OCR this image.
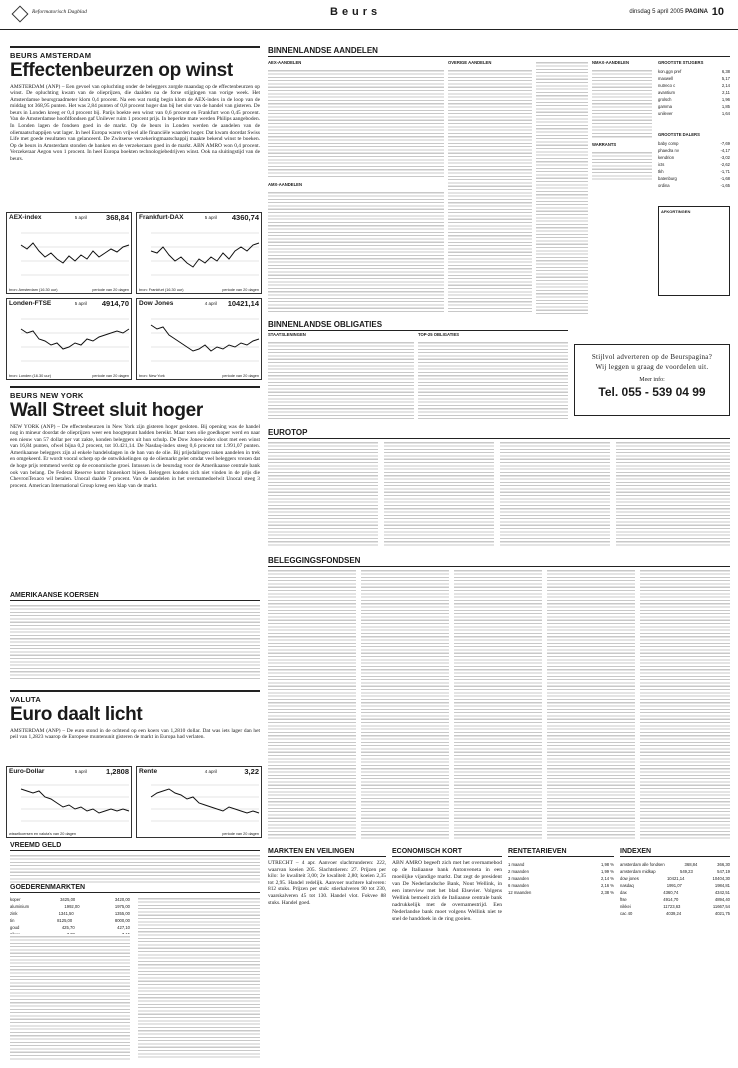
Reformatorisch Dagblad	Beurs	dinsdag 5 april 2005 PAGINA 10
BEURS AMSTERDAM
Effectenbeurzen op winst
AMSTERDAM (ANP) – Een gevoel van opluchting onder de beleggers zorgde maandag op de effectenbeurzen op winst. De opluchting kwam van de olieprijzen, die daalden na de forse stijgingen van vorige week. Het Amsterdamse beursgraadmeter klom 0,4 procent. Na een wat rustig begin klom de AEX-index in de loop van de middag tot 368,95 punten. Het was 2,84 punten of 0,8 procent hoger dan bij het slot van de handel van gisteren. De beurs in Londen kreeg er 0,4 procent bij. Parijs boekte een winst van 0,6 procent en Frankfurt won 0,45 procent. Van de Amsterdamse hoofdfondsen gaf Unilever ruim 1 procent prijs. In beperkte mate werden Philips aangeboden. In Londen lagen de fondsen goed in de markt. Op de beurs in Londen werden de aandelen van de oliemaatschappijen wat lager. In heel Europa waren vrijwel alle financiële waarden hoger. Dat kwam doordat Swiss Life met goede resultaten van gelanceerd. De Zwitserse verzekeringmaatschappij maakte bekend winst te boeken. Op de beurs in Amsterdam stonden de banken en de verzekeraars goed in de markt. ABN AMRO won 0,4 procent. Verzekeraar Aegon won 1 procent. In heel Europa boekten technologiebedrijven winst. Ook na sluitingstijd van de beurs.
AEX-index	5 april	368,84
bron: Amsterdam (16.30 uur)	periode van 20 dagen
Frankfurt-DAX	5 april 4360,74
bron: Frankfurt (16.30 uur)	periode van 20 dagen
Londen-FTSE	5 april 4914,70
bron: Londen (16.30 uur)	periode van 20 dagen
Dow Jones	4 april 10421,14
bron: New York	periode van 20 dagen
BEURS NEW YORK
Wall Street sluit hoger
NEW YORK (ANP) – De effectenbeurzen in New York zijn gisteren hoger gesloten. Bij opening was de handel nog in mineur doordat de olieprijzen weer een hoogtepunt hadden bereikt. Maar toen olie goedkoper werd en naar een nieuw van 57 dollar per vat zakte, konden beleggers uit hun schulp. De Dow Jones-index sloot met een winst van 16,84 punten, ofwel bijna 0,2 procent, tot 10.421,14. De Nasdaq-index steeg 0,6 procent tot 1.991,07 punten. Amerikaanse beleggers zijn al enkele handelsdagen in de ban van de olie. Bij prijsdalingen raken aandelen in trek en omgekeerd. Er wordt vooral scherp op de ontwikkelingen op de oliemarkt gelet omdat veel beleggers vrezen dat de hoge prijs remmend werkt op de economische groei. Intussen is de beursdag voor de Amerikaanse centrale bank ook van belang. De Federal Reserve komt binnenkort bijeen. Beleggers konden zich niet vinden in de prijs die ChevronTexaco wil betalen. Unocal daalde 7 procent. Van de aandelen in het overnamedoelwit Unocal steeg 3 procent. American International Group kreeg een klap van de markt.
AMERIKAANSE KOERSEN
VALUTA
Euro daalt licht
AMSTERDAM (ANP) – De euro stond in de ochtend op een koers van 1,2810 dollar. Dat was iets lager dan het peil van 1,2823 waarop de Europese muntenunit gisteren de markt in Europa had verlaten.
Euro-Dollar	5 april	1,2808
wisselkoersen en valuta's van 20 dagen
Rente	4 april	3,22
periode van 20 dagen
VREEMD GELD
GOEDERENMARKTEN
koper	3425,00	3420,00
aluminium	1992,00	1975,00
zink	1341,50	1355,00
tin	8125,00	8000,00
goud	425,70	427,10
BINNENLANDSE AANDELEN
AEX-AANDELEN
AMX-AANDELEN
OVERIGE AANDELEN	NMAX-AANDELEN
WARRANTS
GROOTSTE STIJGERS
kon.ggn pref	6,38
maxwell	5,17
nutreco c	2,14
avantium	2,11
grolsch	1,96
gamma	1,85
unilever	1,64
GROOTSTE DALERS
baby comp	-7,69
phaedra nv	-4,17
kendrion	-3,02
icts	-2,62
tkh	-1,71
batenburg	-1,68
ordina	-1,65
AFKORTINGEN
BINNENLANDSE OBLIGATIES
STAATSLENINGEN	TOP-25 OBLIGATIES
Stijlvol adverteren op de Beurspagina?
Wij leggen u graag de voordelen uit.
Meer info:
Tel. 055 - 539 04 99
EUROTOP
BELEGGINGSFONDSEN
MARKTEN EN VEILINGEN
UTRECHT – 4 apr. Aanvoer slachtrunderen: 222, waarvan koeien 205. Slachtstieren: 27. Prijzen per kilo: 1e kwaliteit 3,00; 2e kwaliteit 2,80; koeien 2,35 tot 2,95. Handel redelijk. Aanvoer nuchtere kalveren: 812 stuks. Prijzen per stuk: stierkalveren 90 tot 230, vaarskalveren 45 tot 130. Handel vlot. Fokvee 88 stuks. Handel goed.
ECONOMISCH KORT
ABN AMRO begeeft zich met het overnamebod op de Italiaanse bank Antonveneta in een moeilijke vijandige markt. Dat zegt de president van De Nederlandsche Bank, Nout Wellink, in een interview met het blad Elsevier. Volgens Wellink bemoeit zich de Italiaanse centrale bank nadrukkelijk met de overnamestrijd. Een Nederlandse bank moet volgens Wellink niet te snel de handdoek in de ring gooien.
RENTETARIEVEN
1 maand	1,98 %
2 maanden	1,99 %
3 maanden	2,14 %
6 maanden	2,16 %
12 maanden	2,38 %
INDEXEN
amsterdam alle fondsen	368,84	366,30
amsterdam midkap	549,23	547,19
dow jones	10421,14	10404,30
nasdaq	1991,07	1984,81
dax	4360,74	4342,51
ftse	4914,70	4894,40
nikkei	11723,63	11667,54
cac 40	4039,24	4021,75
